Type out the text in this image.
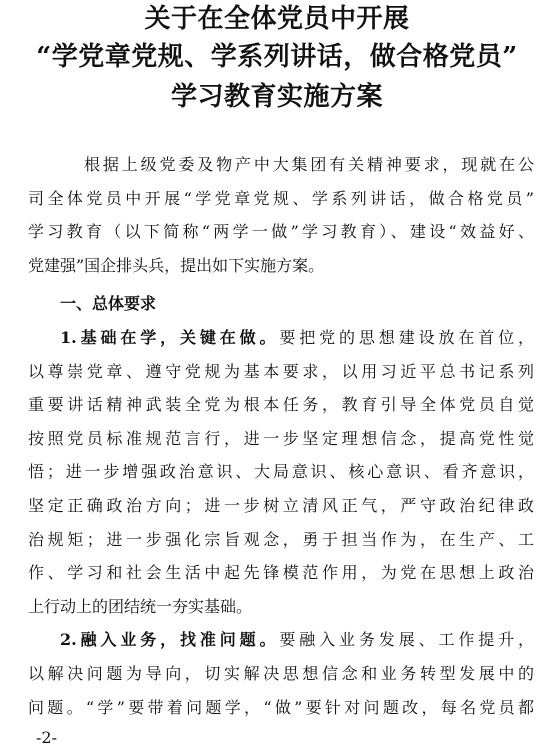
关于在全体党员中开展
“学党章党规、学系列讲话，做合格党员”
学习教育实施方案
根据上级党委及物产中大集团有关精神要求，现就在公
司全体党员中开展“学党章党规、学系列讲话，做合格党员”
学习教育（以下简称“两学一做”学习教育）、建设“效益好、
党建强”国企排头兵，提出如下实施方案。
一、总体要求
1.基础在学，关键在做。要把党的思想建设放在首位，
以尊崇党章、遵守党规为基本要求，以用习近平总书记系列
重要讲话精神武装全党为根本任务，教育引导全体党员自觉
按照党员标准规范言行，进一步坚定理想信念，提高党性觉
悟；进一步增强政治意识、大局意识、核心意识、看齐意识，
坚定正确政治方向；进一步树立清风正气，严守政治纪律政
治规矩；进一步强化宗旨观念，勇于担当作为，在生产、工
作、学习和社会生活中起先锋模范作用，为党在思想上政治
上行动上的团结统一夯实基础。
2.融入业务，找准问题。要融入业务发展、工作提升，
以解决问题为导向，切实解决思想信念和业务转型发展中的
问题。“学”要带着问题学，“做”要针对问题改，每名党员都
-2-
